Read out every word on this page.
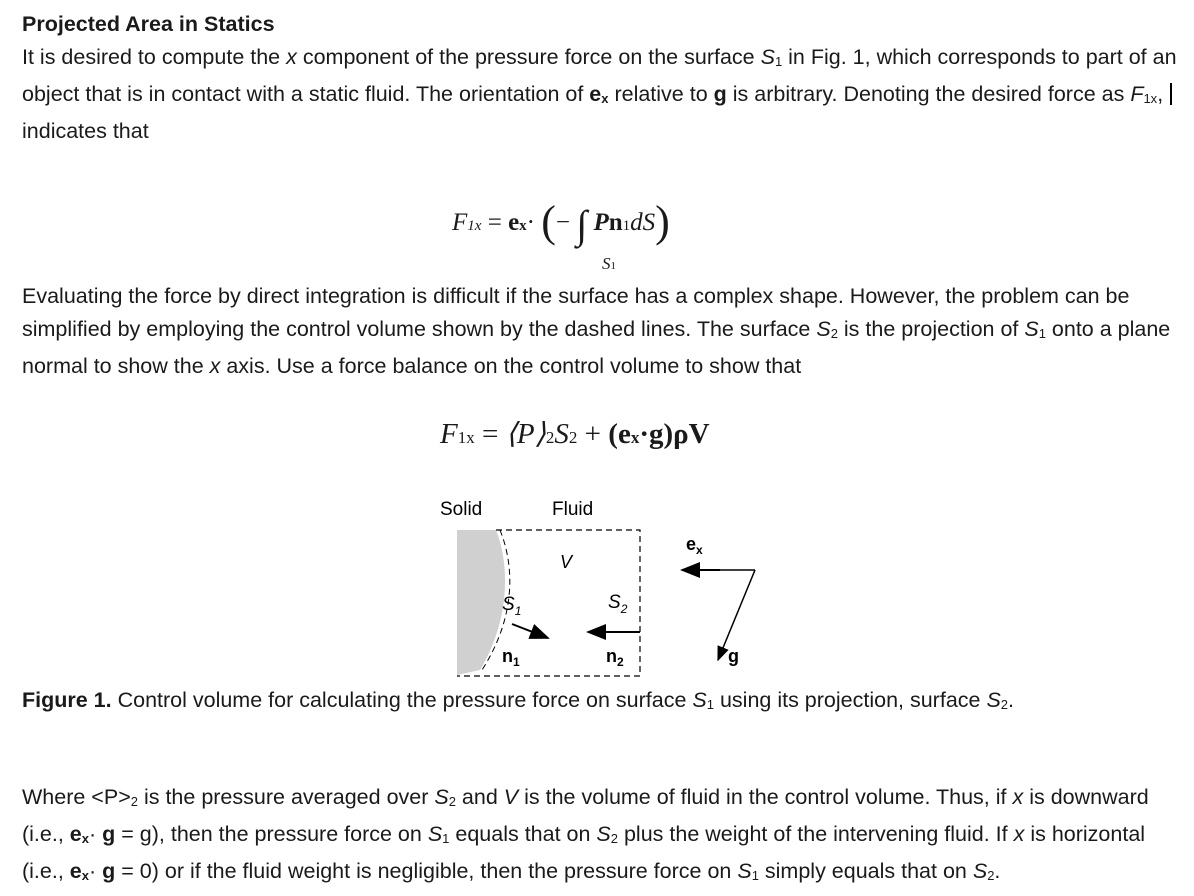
Projected Area in Statics

It is desired to compute the x component of the pressure force on the surface S1 in Fig. 1, which corresponds to part of an object that is in contact with a static fluid. The orientation of ex relative to g is arbitrary. Denoting the desired force as F1x, indicates that

F1x = ex· (− ∫ Pn1dS)
S1

Evaluating the force by direct integration is difficult if the surface has a complex shape. However, the problem can be simplified by employing the control volume shown by the dashed lines. The surface S2 is the projection of S1 onto a plane normal to show the x axis. Use a force balance on the control volume to show that

F1x = ⟨P⟩2S2 + (ex·g)ρV
Solid	Fluid
V
$S_1$	$S_2$
$n_1$	$n_2$
$e_x$
g
Figure 1. Control volume for calculating the pressure force on surface S1 using its projection, surface S2.

Where <P>2 is the pressure averaged over S2 and V is the volume of fluid in the control volume. Thus, if x is downward (i.e., ex· g = g), then the pressure force on S1 equals that on S2 plus the weight of the intervening fluid. If x is horizontal (i.e., ex· g = 0) or if the fluid weight is negligible, then the pressure force on S1 simply equals that on S2.
